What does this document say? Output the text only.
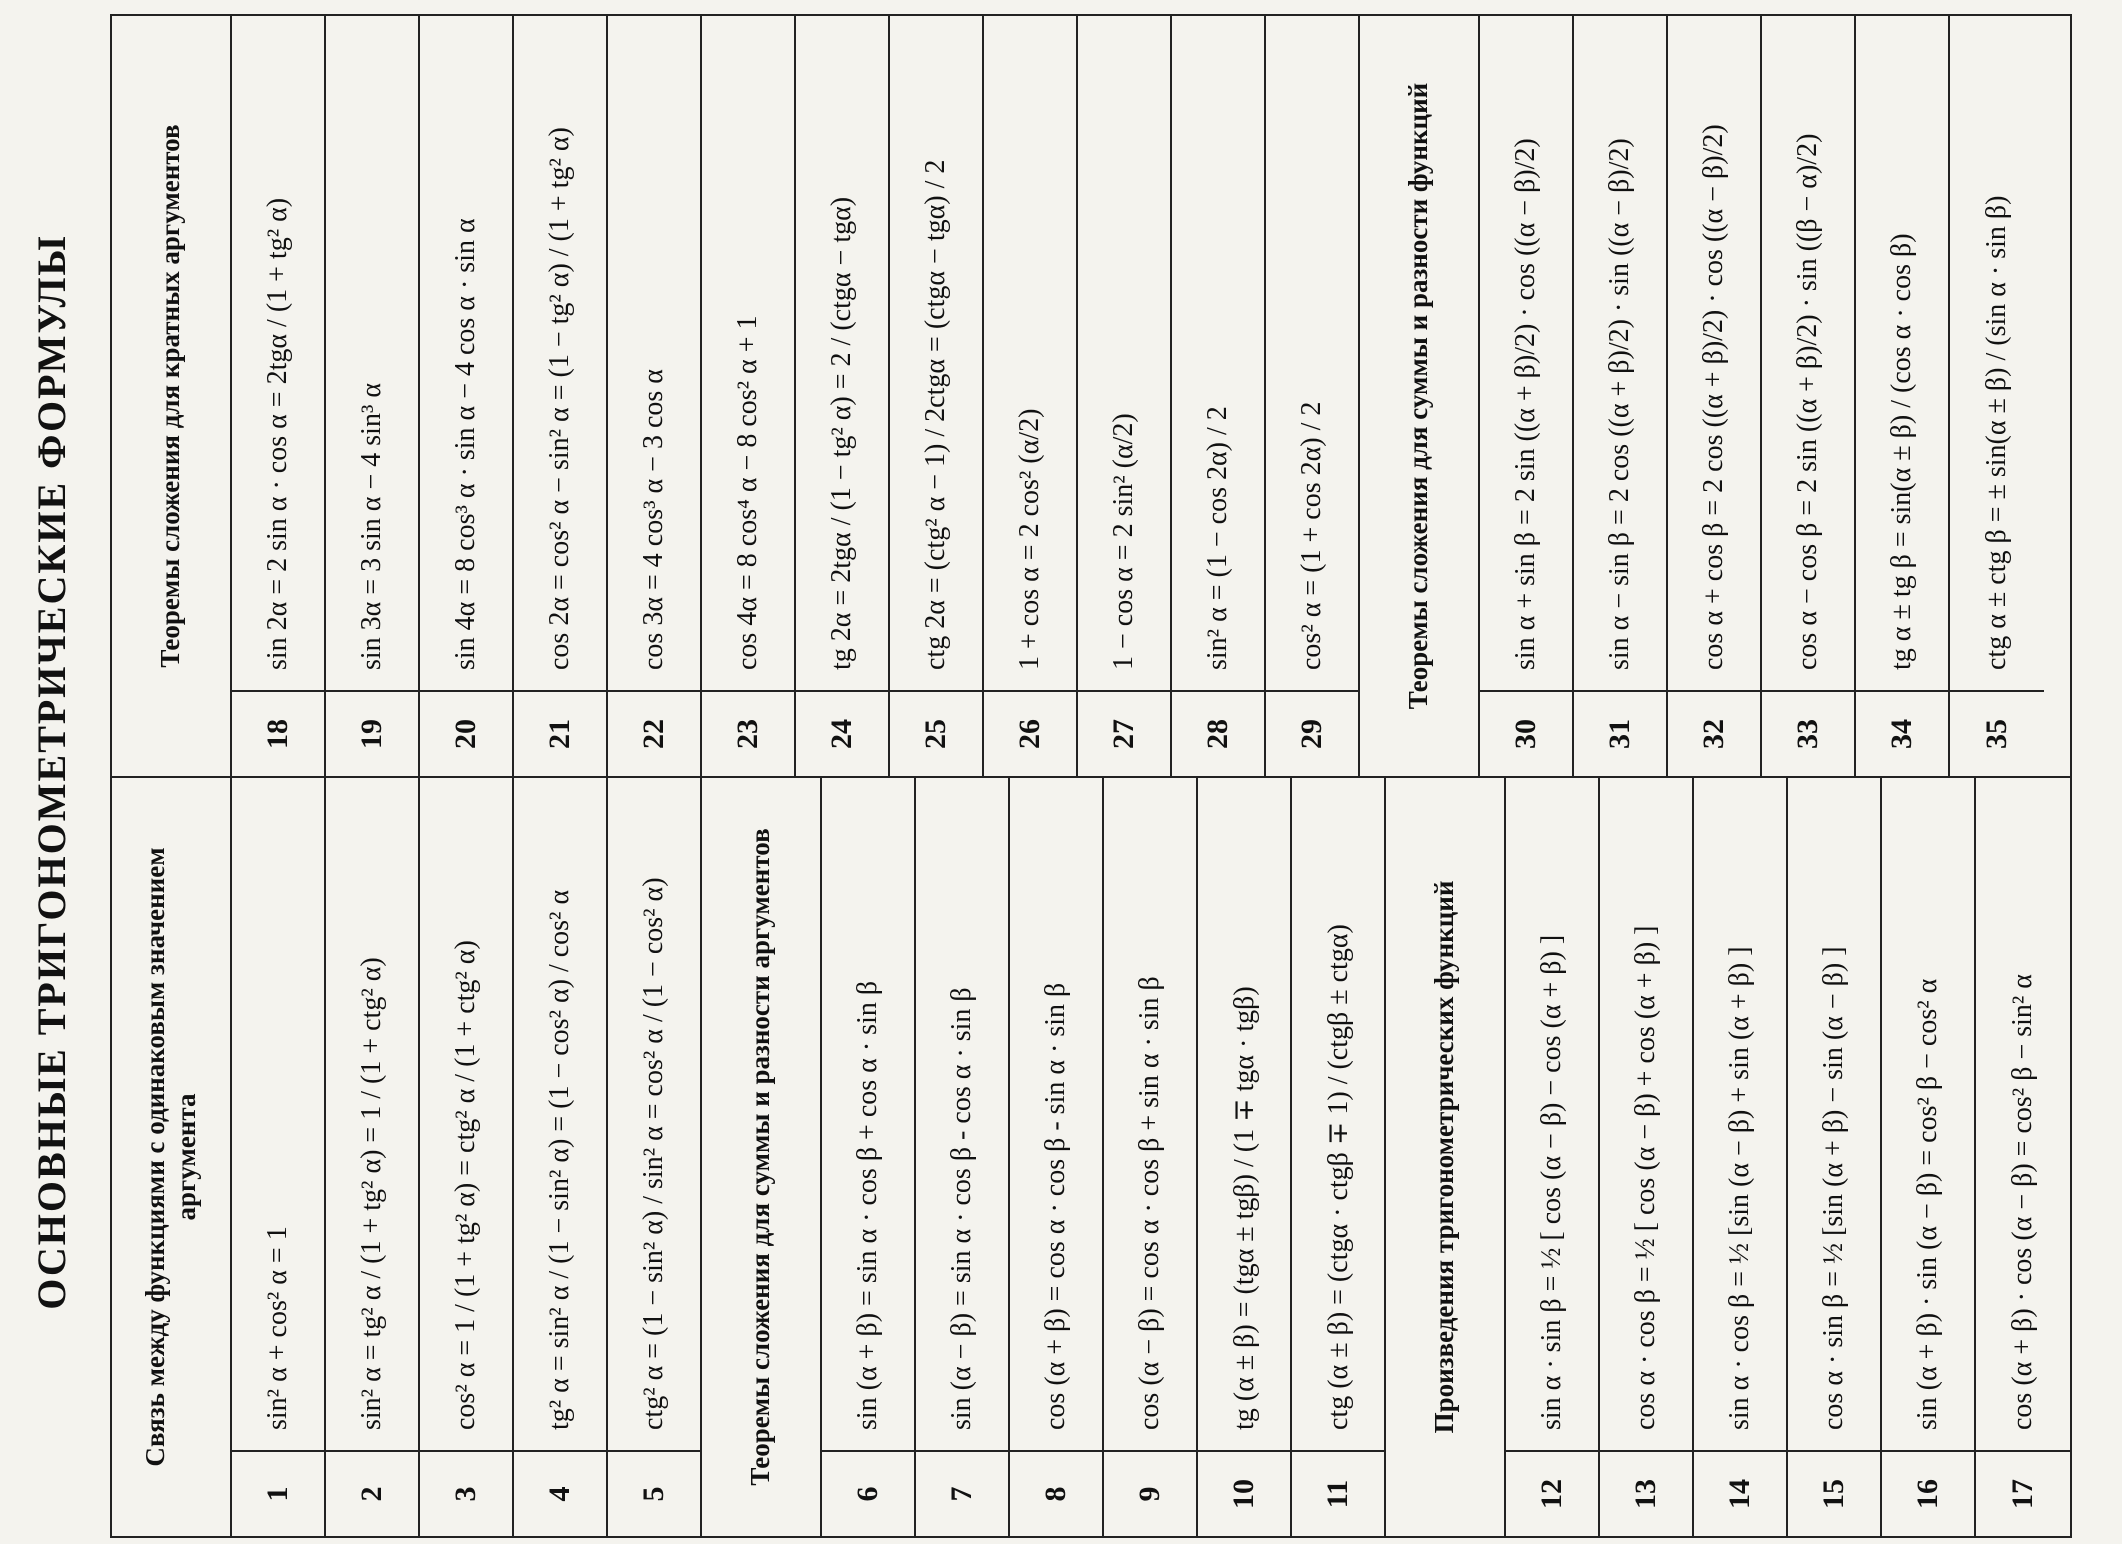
ОСНОВНЫЕ ТРИГОНОМЕТРИЧЕСКИЕ ФОРМУЛЫ	Связь между функциями с одинаковым значением аргумента
1
sin² α + cos² α = 1
2
sin² α = tg² α / (1 + tg² α) = 1 / (1 + ctg² α)
3
cos² α = 1 / (1 + tg² α) = ctg² α / (1 + ctg² α)
4
tg² α = sin² α / (1 − sin² α) = (1 − cos² α) / cos² α
5
ctg² α = (1 − sin² α) / sin² α = cos² α / (1 − cos² α)	Теоремы сложения для суммы и разности аргументов
6
sin (α + β) = sin α · cos β + cos α · sin β
7
sin (α − β) = sin α · cos β - cos α · sin β
8
cos (α + β) = cos α · cos β - sin α · sin β
9
cos (α − β) = cos α · cos β + sin α · sin β
10
tg (α ± β) = (tgα ± tgβ) / (1 ∓ tgα · tgβ)
11
ctg (α ± β) = (ctgα · ctgβ ∓ 1) / (ctgβ ± ctgα)	Произведения тригонометрических функций
12
sin α · sin β = ½ [ cos (α − β) − cos (α + β) ]
13
cos α · cos β = ½ [ cos (α − β) + cos (α + β) ]
14
sin α · cos β = ½ [sin (α − β) + sin (α + β) ]
15
cos α · sin β = ½ [sin (α + β) − sin (α − β) ]
16
sin (α + β) · sin (α − β) = cos² β − cos² α
17
cos (α + β) · cos (α − β) = cos² β − sin² α
Теоремы сложения для кратных аргументов
18
sin 2α = 2 sin α · cos α = 2tgα / (1 + tg² α)
19
sin 3α = 3 sin α − 4 sin³ α
20
sin 4α = 8 cos³ α · sin α − 4 cos α · sin α
21
cos 2α = cos² α − sin² α = (1 − tg² α) / (1 + tg² α)
22
cos 3α = 4 cos³ α − 3 cos α
23
cos 4α = 8 cos⁴ α − 8 cos² α + 1
24
tg 2α = 2tgα / (1 − tg² α) = 2 / (ctgα − tgα)
25
ctg 2α = (ctg² α − 1) / 2ctgα = (ctgα − tgα) / 2
26
1 + cos α = 2 cos² (α/2)
27
1 − cos α = 2 sin² (α/2)
28
sin² α = (1 − cos 2α) / 2
29
cos² α = (1 + cos 2α) / 2	Теоремы сложения для суммы и разности функций
30
sin α + sin β = 2 sin ((α + β)/2) · cos ((α − β)/2)
31
sin α − sin β = 2 cos ((α + β)/2) · sin ((α − β)/2)
32
cos α + cos β = 2 cos ((α + β)/2) · cos ((α − β)/2)
33
cos α − cos β = 2 sin ((α + β)/2) · sin ((β − α)/2)
34
tg α ± tg β = sin(α ± β) / (cos α · cos β)
35
ctg α ± ctg β = ± sin(α ± β) / (sin α · sin β)
